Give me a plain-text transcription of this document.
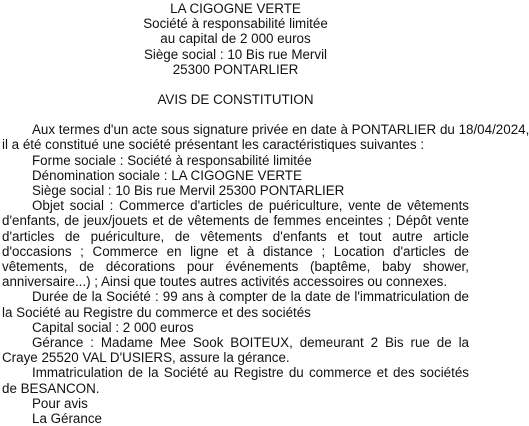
LA CIGOGNE VERTE
Société à responsabilité limitée
au capital de 2 000 euros
Siège social : 10 Bis rue Mervil
25300 PONTARLIER
AVIS DE CONSTITUTION
Aux termes d'un acte sous signature privée en date à PONTARLIER du 18/04/2024,
il a été constitué une société présentant les caractéristiques suivantes :
Forme sociale : Société à responsabilité limitée
Dénomination sociale : LA CIGOGNE VERTE
Siège social : 10 Bis rue Mervil 25300 PONTARLIER

Objet social : Commerce d'articles de puériculture, vente de vêtements d'enfants, de jeux/jouets et de vêtements de femmes enceintes ; Dépôt vente d'articles de puériculture, de vêtements d'enfants et tout autre article d'occasions ; Commerce en ligne et à distance ; Location d'articles de vêtements, de décorations pour événements (baptême, baby shower, anniversaire...) ; Ainsi que toutes autres activités accessoires ou connexes.

Durée de la Société : 99 ans à compter de la date de l'immatriculation de la Société au Registre du commerce et des sociétés

Capital social : 2 000 euros

Gérance : Madame Mee Sook BOITEUX, demeurant 2 Bis rue de la Craye 25520 VAL D'USIERS, assure la gérance.

Immatriculation de la Société au Registre du commerce et des sociétés de BESANCON.

Pour avis
La Gérance
